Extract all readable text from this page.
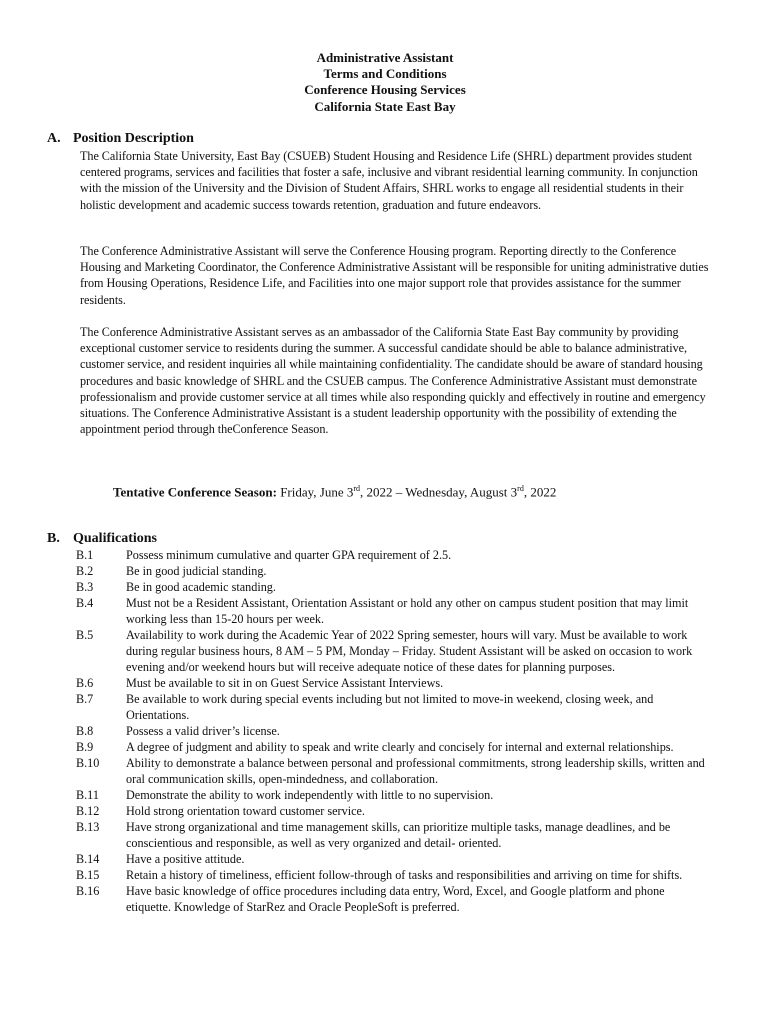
Administrative Assistant
Terms and Conditions
Conference Housing Services
California State East Bay
A. Position Description
The California State University, East Bay (CSUEB) Student Housing and Residence Life (SHRL) department provides student centered programs, services and facilities that foster a safe, inclusive and vibrant residential learning community. In conjunction with the mission of the University and the Division of Student Affairs, SHRL works to engage all residential students in their holistic development and academic success towards retention, graduation and future endeavors.
The Conference Administrative Assistant will serve the Conference Housing program. Reporting directly to the Conference Housing and Marketing Coordinator, the Conference Administrative Assistant will be responsible for uniting administrative duties from Housing Operations, Residence Life, and Facilities into one major support role that provides assistance for the summer residents.
The Conference Administrative Assistant serves as an ambassador of the California State East Bay community by providing exceptional customer service to residents during the summer. A successful candidate should be able to balance administrative, customer service, and resident inquiries all while maintaining confidentiality. The candidate should be aware of standard housing procedures and basic knowledge of SHRL and the CSUEB campus. The Conference Administrative Assistant must demonstrate professionalism and provide customer service at all times while also responding quickly and effectively in routine and emergency situations. The Conference Administrative Assistant is a student leadership opportunity with the possibility of extending the appointment period through theConference Season.
Tentative Conference Season: Friday, June 3rd, 2022 – Wednesday, August 3rd, 2022
B. Qualifications
B.1	Possess minimum cumulative and quarter GPA requirement of 2.5.
B.2	Be in good judicial standing.
B.3	Be in good academic standing.
B.4	Must not be a Resident Assistant, Orientation Assistant or hold any other on campus student position that may limit working less than 15-20 hours per week.
B.5	Availability to work during the Academic Year of 2022 Spring semester, hours will vary. Must be available to work during regular business hours, 8 AM – 5 PM, Monday – Friday. Student Assistant will be asked on occasion to work evening and/or weekend hours but will receive adequate notice of these dates for planning purposes.
B.6	Must be available to sit in on Guest Service Assistant Interviews.
B.7	Be available to work during special events including but not limited to move-in weekend, closing week, and Orientations.
B.8	Possess a valid driver’s license.
B.9	A degree of judgment and ability to speak and write clearly and concisely for internal and external relationships.
B.10	Ability to demonstrate a balance between personal and professional commitments, strong leadership skills, written and oral communication skills, open-mindedness, and collaboration.
B.11	Demonstrate the ability to work independently with little to no supervision.
B.12	Hold strong orientation toward customer service.
B.13	Have strong organizational and time management skills, can prioritize multiple tasks, manage deadlines, and be conscientious and responsible, as well as very organized and detail- oriented.
B.14	Have a positive attitude.
B.15	Retain a history of timeliness, efficient follow-through of tasks and responsibilities and arriving on time for shifts.
B.16	Have basic knowledge of office procedures including data entry, Word, Excel, and Google platform and phone etiquette. Knowledge of StarRez and Oracle PeopleSoft is preferred.
